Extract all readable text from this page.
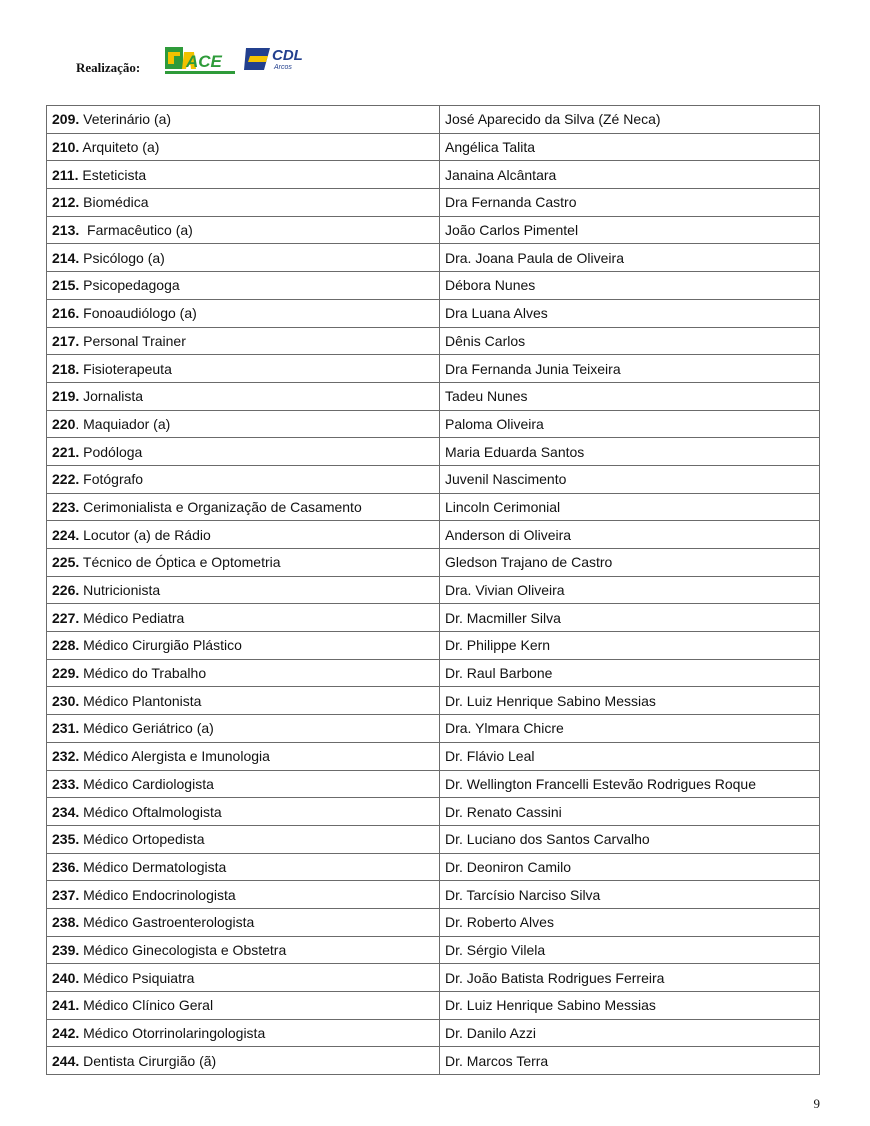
Realização:	ACE	CDL
Arcos
209. Veterinário (a)	José Aparecido da Silva (Zé Neca)
210. Arquiteto (a)	Angélica Talita
211. Esteticista	Janaina Alcântara
212. Biomédica	Dra Fernanda Castro
213.  Farmacêutico (a)	João Carlos Pimentel
214. Psicólogo (a)	Dra. Joana Paula de Oliveira
215. Psicopedagoga	Débora Nunes
216. Fonoaudiólogo (a)	Dra Luana Alves
217. Personal Trainer	Dênis Carlos
218. Fisioterapeuta	Dra Fernanda Junia Teixeira
219. Jornalista	Tadeu Nunes
220. Maquiador (a)	Paloma Oliveira
221. Podóloga	Maria Eduarda Santos
222. Fotógrafo	Juvenil Nascimento
223. Cerimonialista e Organização de Casamento	Lincoln Cerimonial
224. Locutor (a) de Rádio	Anderson di Oliveira
225. Técnico de Óptica e Optometria	Gledson Trajano de Castro
226. Nutricionista	Dra. Vivian Oliveira
227. Médico Pediatra	Dr. Macmiller Silva
228. Médico Cirurgião Plástico	Dr. Philippe Kern
229. Médico do Trabalho	Dr. Raul Barbone
230. Médico Plantonista	Dr. Luiz Henrique Sabino Messias
231. Médico Geriátrico (a)	Dra. Ylmara Chicre
232. Médico Alergista e Imunologia	Dr. Flávio Leal
233. Médico Cardiologista	Dr. Wellington Francelli Estevão Rodrigues Roque
234. Médico Oftalmologista	Dr. Renato Cassini
235. Médico Ortopedista	Dr. Luciano dos Santos Carvalho
236. Médico Dermatologista	Dr. Deoniron Camilo
237. Médico Endocrinologista	Dr. Tarcísio Narciso Silva
238. Médico Gastroenterologista	Dr. Roberto Alves
239. Médico Ginecologista e Obstetra	Dr. Sérgio Vilela
240. Médico Psiquiatra	Dr. João Batista Rodrigues Ferreira
241. Médico Clínico Geral	Dr. Luiz Henrique Sabino Messias
242. Médico Otorrinolaringologista	Dr. Danilo Azzi
244. Dentista Cirurgião (ã)	Dr. Marcos Terra
9
